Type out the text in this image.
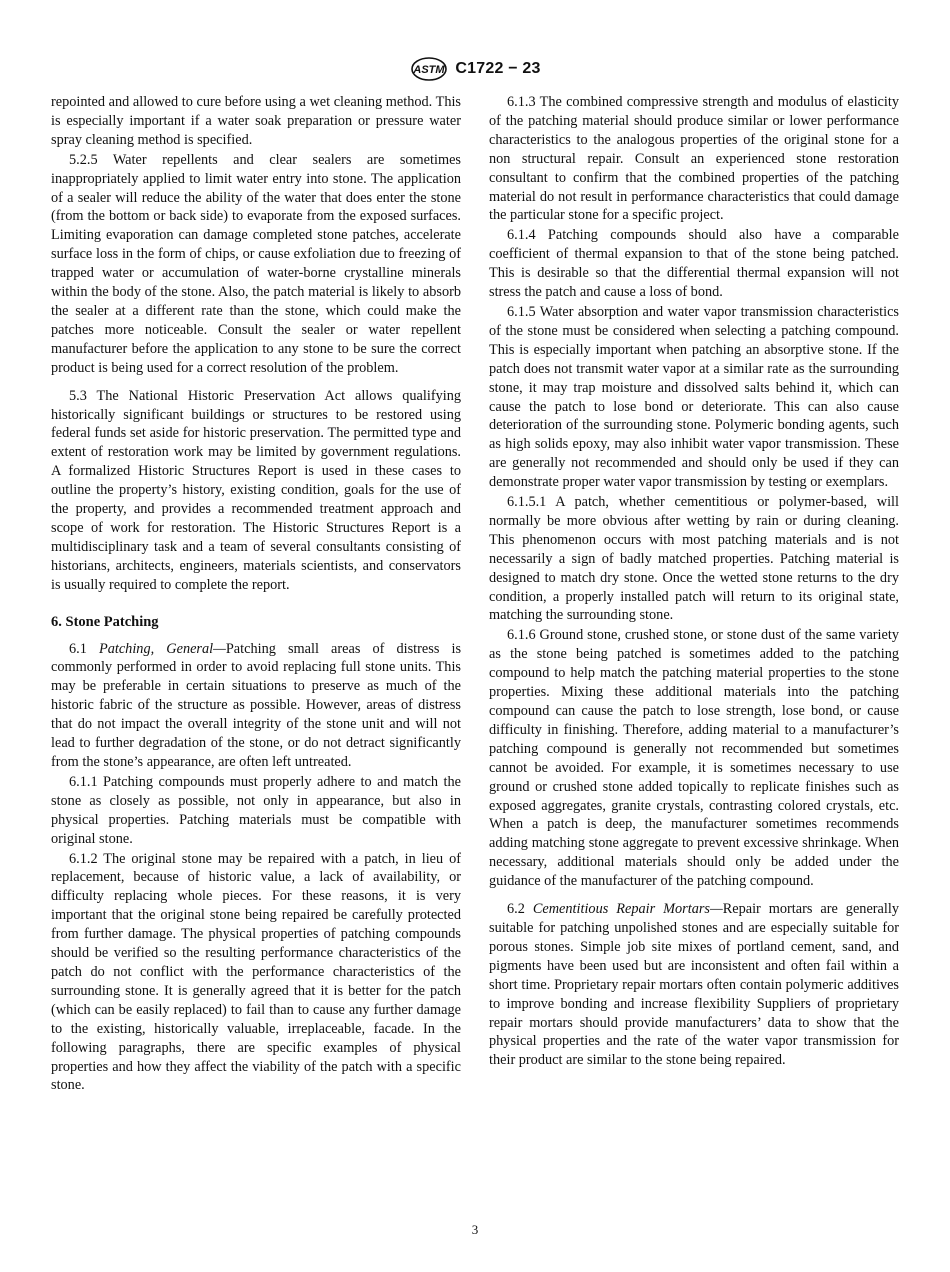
ASTM C1722 − 23

repointed and allowed to cure before using a wet cleaning method. This is especially important if a water soak preparation or pressure water spray cleaning method is specified.

5.2.5 Water repellents and clear sealers are sometimes inappropriately applied to limit water entry into stone. The application of a sealer will reduce the ability of the water that does enter the stone (from the bottom or back side) to evaporate from the exposed surfaces. Limiting evaporation can damage completed stone patches, accelerate surface loss in the form of chips, or cause exfoliation due to freezing of trapped water or accumulation of water-borne crystalline minerals within the body of the stone. Also, the patch material is likely to absorb the sealer at a different rate than the stone, which could make the patches more noticeable. Consult the sealer or water repellent manufacturer before the application to any stone to be sure the correct product is being used for a correct resolution of the problem.

5.3 The National Historic Preservation Act allows qualifying historically significant buildings or structures to be restored using federal funds set aside for historic preservation. The permitted type and extent of restoration work may be limited by government regulations. A formalized Historic Structures Report is used in these cases to outline the property’s history, existing condition, goals for the use of the property, and provides a recommended treatment approach and scope of work for restoration. The Historic Structures Report is a multidisciplinary task and a team of several consultants consisting of historians, architects, engineers, materials scientists, and conservators is usually required to complete the report.

6. Stone Patching

6.1 Patching, General—Patching small areas of distress is commonly performed in order to avoid replacing full stone units. This may be preferable in certain situations to preserve as much of the historic fabric of the structure as possible. However, areas of distress that do not impact the overall integrity of the stone unit and will not lead to further degradation of the stone, or do not detract significantly from the stone’s appearance, are often left untreated.

6.1.1 Patching compounds must properly adhere to and match the stone as closely as possible, not only in appearance, but also in physical properties. Patching materials must be compatible with original stone.

6.1.2 The original stone may be repaired with a patch, in lieu of replacement, because of historic value, a lack of availability, or difficulty replacing whole pieces. For these reasons, it is very important that the original stone being repaired be carefully protected from further damage. The physical properties of patching compounds should be verified so the resulting performance characteristics of the patch do not conflict with the performance characteristics of the surrounding stone. It is generally agreed that it is better for the patch (which can be easily replaced) to fail than to cause any further damage to the existing, historically valuable, irreplaceable, facade. In the following paragraphs, there are specific examples of physical properties and how they affect the viability of the patch with a specific stone.

6.1.3 The combined compressive strength and modulus of elasticity of the patching material should produce similar or lower performance characteristics to the analogous properties of the original stone for a non structural repair. Consult an experienced stone restoration consultant to confirm that the combined properties of the patching material do not result in performance characteristics that could damage the particular stone for a specific project.

6.1.4 Patching compounds should also have a comparable coefficient of thermal expansion to that of the stone being patched. This is desirable so that the differential thermal expansion will not stress the patch and cause a loss of bond.

6.1.5 Water absorption and water vapor transmission characteristics of the stone must be considered when selecting a patching compound. This is especially important when patching an absorptive stone. If the patch does not transmit water vapor at a similar rate as the surrounding stone, it may trap moisture and dissolved salts behind it, which can cause the patch to lose bond or deteriorate. This can also cause deterioration of the surrounding stone. Polymeric bonding agents, such as high solids epoxy, may also inhibit water vapor transmission. These are generally not recommended and should only be used if they can demonstrate proper water vapor transmission by testing or exemplars.

6.1.5.1 A patch, whether cementitious or polymer-based, will normally be more obvious after wetting by rain or during cleaning. This phenomenon occurs with most patching materials and is not necessarily a sign of badly matched properties. Patching material is designed to match dry stone. Once the wetted stone returns to the dry condition, a properly installed patch will return to its original state, matching the surrounding stone.

6.1.6 Ground stone, crushed stone, or stone dust of the same variety as the stone being patched is sometimes added to the patching compound to help match the patching material properties to the stone properties. Mixing these additional materials into the patching compound can cause the patch to lose strength, lose bond, or cause difficulty in finishing. Therefore, adding material to a manufacturer’s patching compound is generally not recommended but sometimes cannot be avoided. For example, it is sometimes necessary to use ground or crushed stone added topically to replicate finishes such as exposed aggregates, granite crystals, contrasting colored crystals, etc. When a patch is deep, the manufacturer sometimes recommends adding matching stone aggregate to prevent excessive shrinkage. When necessary, additional materials should only be added under the guidance of the manufacturer of the patching compound.

6.2 Cementitious Repair Mortars—Repair mortars are generally suitable for patching unpolished stones and are especially suitable for porous stones. Simple job site mixes of portland cement, sand, and pigments have been used but are inconsistent and often fail within a short time. Proprietary repair mortars often contain polymeric additives to improve bonding and increase flexibility Suppliers of proprietary repair mortars should provide manufacturers’ data to show that the physical properties and the rate of the water vapor transmission for their product are similar to the stone being repaired.

3
